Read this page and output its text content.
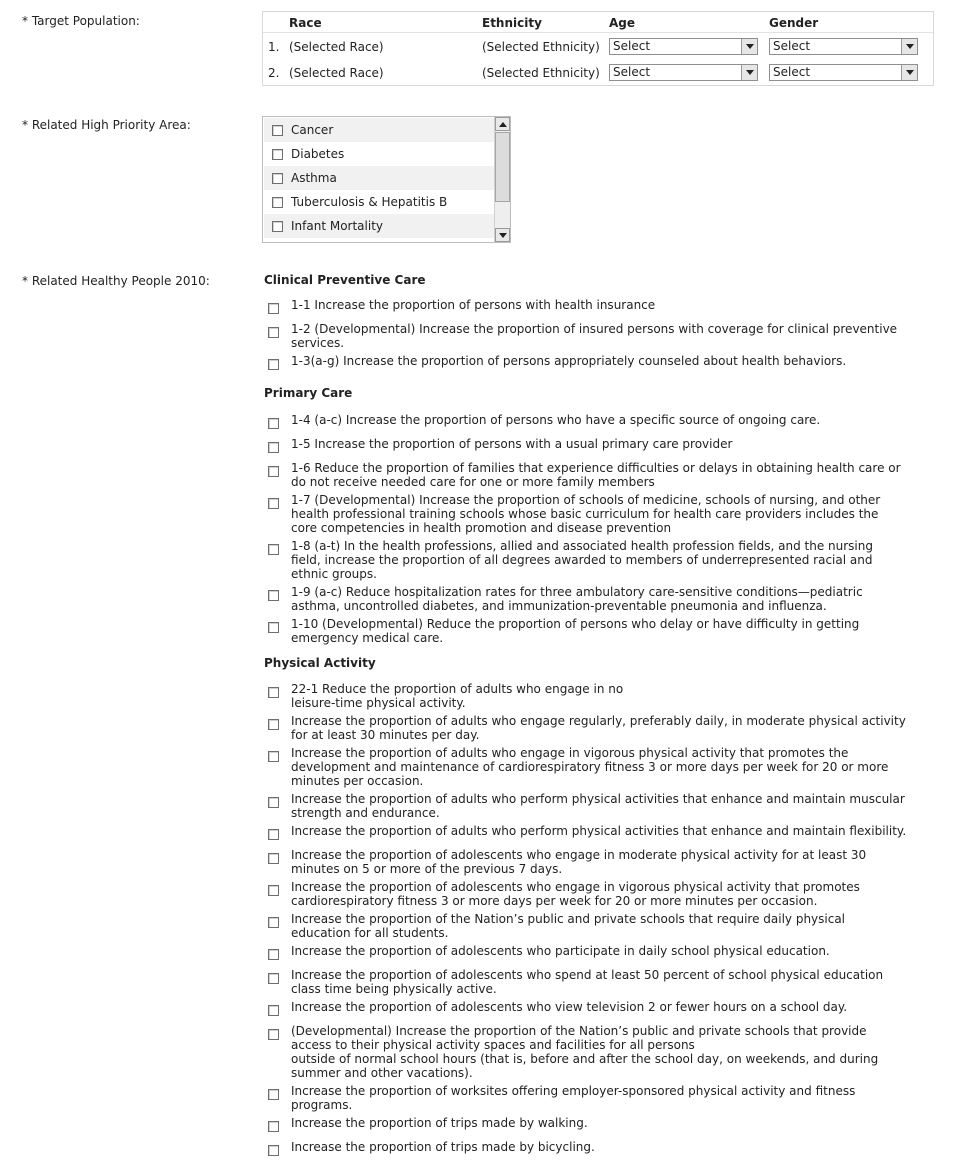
* Target Population:	Race	Ethnicity	Age	Gender
1. (Selected Race)	(Selected Ethnicity)	Select	Select
2. (Selected Race)	(Selected Ethnicity)	Select	Select
* Related High Priority Area:	Cancer
Diabetes
Asthma
Tuberculosis & Hepatitis B
Infant Mortality
* Related Healthy People 2010:	Clinical Preventive Care
1-1 Increase the proportion of persons with health insurance
1-2 (Developmental) Increase the proportion of insured persons with coverage for clinical preventive
services.
1-3(a-g) Increase the proportion of persons appropriately counseled about health behaviors.
Primary Care
1-4 (a-c) Increase the proportion of persons who have a specific source of ongoing care.
1-5 Increase the proportion of persons with a usual primary care provider
1-6 Reduce the proportion of families that experience difficulties or delays in obtaining health care or
do not receive needed care for one or more family members
1-7 (Developmental) Increase the proportion of schools of medicine, schools of nursing, and other
health professional training schools whose basic curriculum for health care providers includes the
core competencies in health promotion and disease prevention
1-8 (a-t) In the health professions, allied and associated health profession fields, and the nursing
field, increase the proportion of all degrees awarded to members of underrepresented racial and
ethnic groups.
1-9 (a-c) Reduce hospitalization rates for three ambulatory care-sensitive conditions—pediatric
asthma, uncontrolled diabetes, and immunization-preventable pneumonia and influenza.
1-10 (Developmental) Reduce the proportion of persons who delay or have difficulty in getting
emergency medical care.
Physical Activity
22-1 Reduce the proportion of adults who engage in no
leisure-time physical activity.
Increase the proportion of adults who engage regularly, preferably daily, in moderate physical activity
for at least 30 minutes per day.
Increase the proportion of adults who engage in vigorous physical activity that promotes the
development and maintenance of cardiorespiratory fitness 3 or more days per week for 20 or more
minutes per occasion.
Increase the proportion of adults who perform physical activities that enhance and maintain muscular
strength and endurance.
Increase the proportion of adults who perform physical activities that enhance and maintain flexibility.
Increase the proportion of adolescents who engage in moderate physical activity for at least 30
minutes on 5 or more of the previous 7 days.
Increase the proportion of adolescents who engage in vigorous physical activity that promotes
cardiorespiratory fitness 3 or more days per week for 20 or more minutes per occasion.
Increase the proportion of the Nation’s public and private schools that require daily physical
education for all students.
Increase the proportion of adolescents who participate in daily school physical education.
Increase the proportion of adolescents who spend at least 50 percent of school physical education
class time being physically active.
Increase the proportion of adolescents who view television 2 or fewer hours on a school day.
(Developmental) Increase the proportion of the Nation’s public and private schools that provide
access to their physical activity spaces and facilities for all persons
outside of normal school hours (that is, before and after the school day, on weekends, and during
summer and other vacations).
Increase the proportion of worksites offering employer-sponsored physical activity and fitness
programs.
Increase the proportion of trips made by walking.
Increase the proportion of trips made by bicycling.
